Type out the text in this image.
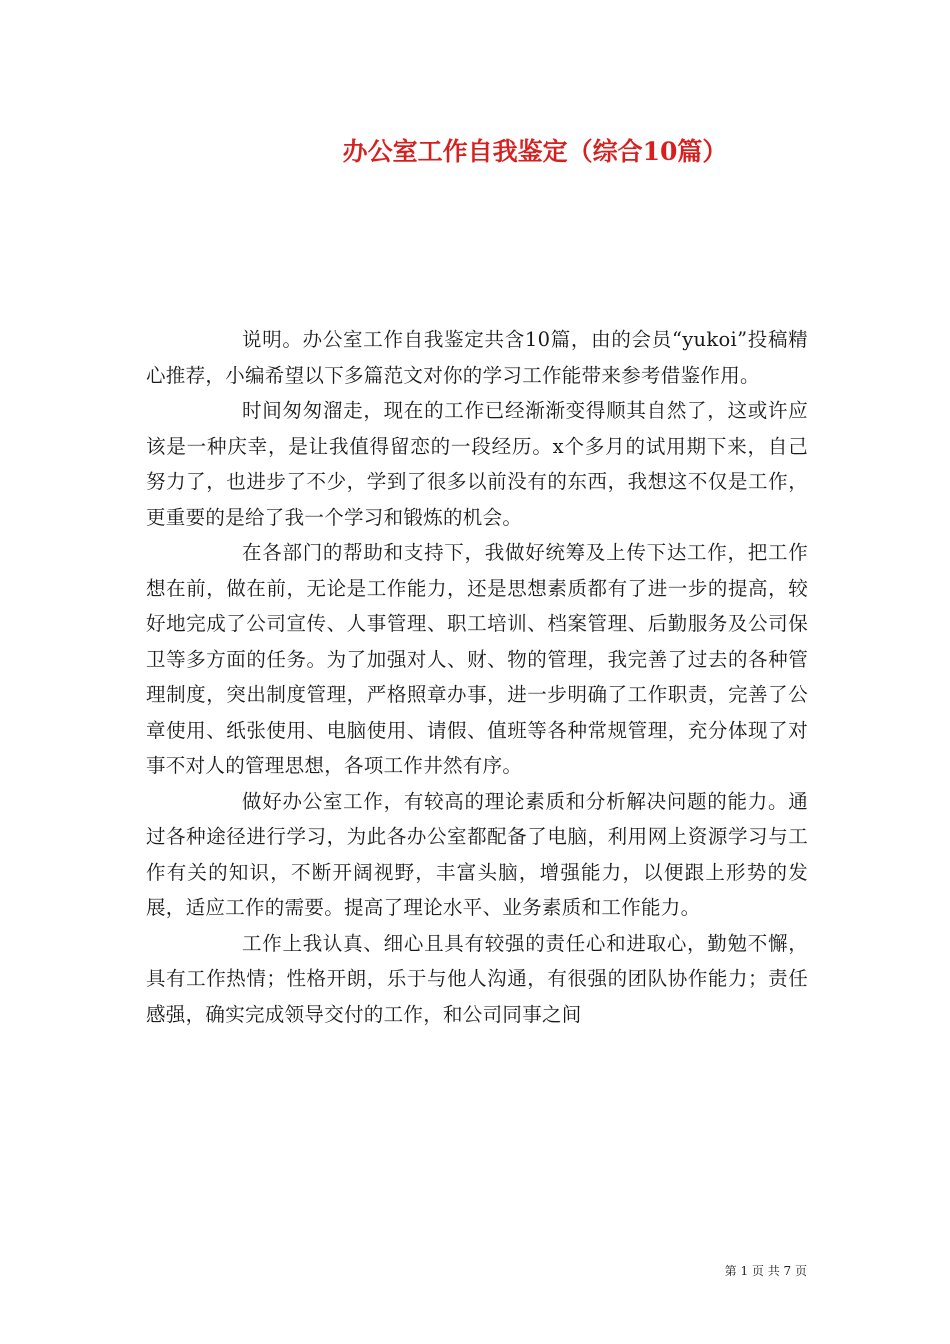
办公室工作自我鉴定（综合10篇）

说明。办公室工作自我鉴定共含10篇，由的会员“yukoi”投稿精心推荐，小编希望以下多篇范文对你的学习工作能带来参考借鉴作用。

时间匆匆溜走，现在的工作已经渐渐变得顺其自然了，这或许应该是一种庆幸，是让我值得留恋的一段经历。x个多月的试用期下来，自己努力了，也进步了不少，学到了很多以前没有的东西，我想这不仅是工作，更重要的是给了我一个学习和锻炼的机会。

在各部门的帮助和支持下，我做好统筹及上传下达工作，把工作想在前，做在前，无论是工作能力，还是思想素质都有了进一步的提高，较好地完成了公司宣传、人事管理、职工培训、档案管理、后勤服务及公司保卫等多方面的任务。为了加强对人、财、物的管理，我完善了过去的各种管理制度，突出制度管理，严格照章办事，进一步明确了工作职责，完善了公章使用、纸张使用、电脑使用、请假、值班等各种常规管理，充分体现了对事不对人的管理思想，各项工作井然有序。

做好办公室工作，有较高的理论素质和分析解决问题的能力。通过各种途径进行学习，为此各办公室都配备了电脑，利用网上资源学习与工作有关的知识，不断开阔视野，丰富头脑，增强能力，以便跟上形势的发展，适应工作的需要。提高了理论水平、业务素质和工作能力。

工作上我认真、细心且具有较强的责任心和进取心，勤勉不懈，具有工作热情；性格开朗，乐于与他人沟通，有很强的团队协作能力；责任感强，确实完成领导交付的工作，和公司同事之间

第 1 页 共 7 页
